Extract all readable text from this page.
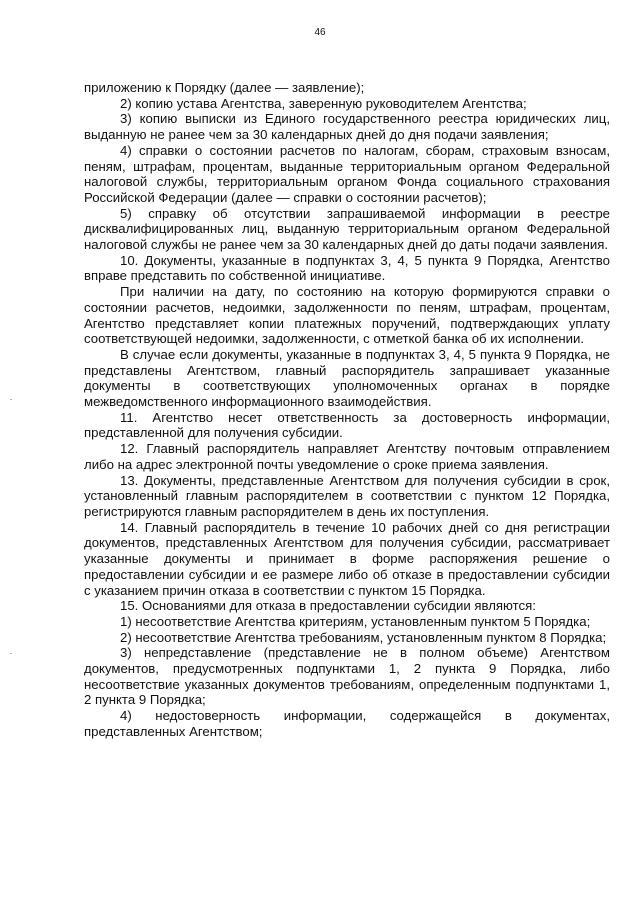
46

приложению к Порядку (далее — заявление);

2) копию устава Агентства, заверенную руководителем Агентства;

3) копию выписки из Единого государственного реестра юридических лиц, выданную не ранее чем за 30 календарных дней до дня подачи заявления;

4) справки о состоянии расчетов по налогам, сборам, страховым взносам, пеням, штрафам, процентам, выданные территориальным органом Федеральной налоговой службы, территориальным органом Фонда социального страхования Российской Федерации (далее — справки о состоянии расчетов);

5) справку об отсутствии запрашиваемой информации в реестре дисквалифицированных лиц, выданную территориальным органом Федеральной налоговой службы не ранее чем за 30 календарных дней до даты подачи заявления.

10. Документы, указанные в подпунктах 3, 4, 5 пункта 9 Порядка, Агентство вправе представить по собственной инициативе.

При наличии на дату, по состоянию на которую формируются справки о состоянии расчетов, недоимки, задолженности по пеням, штрафам, процентам, Агентство представляет копии платежных поручений, подтверждающих уплату соответствующей недоимки, задолженности, с отметкой банка об их исполнении.

В случае если документы, указанные в подпунктах 3, 4, 5 пункта 9 Порядка, не представлены Агентством, главный распорядитель запрашивает указанные документы в соответствующих уполномоченных органах в порядке межведомственного информационного взаимодействия.

11. Агентство несет ответственность за достоверность информации, представленной для получения субсидии.

12. Главный распорядитель направляет Агентству почтовым отправлением либо на адрес электронной почты уведомление о сроке приема заявления.

13. Документы, представленные Агентством для получения субсидии в срок, установленный главным распорядителем в соответствии с пунктом 12 Порядка, регистрируются главным распорядителем в день их поступления.

14. Главный распорядитель в течение 10 рабочих дней со дня регистрации документов, представленных Агентством для получения субсидии, рассматривает указанные документы и принимает в форме распоряжения решение о предоставлении субсидии и ее размере либо об отказе в предоставлении субсидии с указанием причин отказа в соответствии с пунктом 15 Порядка.

15. Основаниями для отказа в предоставлении субсидии являются:

1) несоответствие Агентства критериям, установленным пунктом 5 Порядка;

2) несоответствие Агентства требованиям, установленным пунктом 8 Порядка;

3) непредставление (представление не в полном объеме) Агентством документов, предусмотренных подпунктами 1, 2 пункта 9 Порядка, либо несоответствие указанных документов требованиям, определенным подпунктами 1, 2 пункта 9 Порядка;

4) недостоверность информации, содержащейся в документах, представленных Агентством;
